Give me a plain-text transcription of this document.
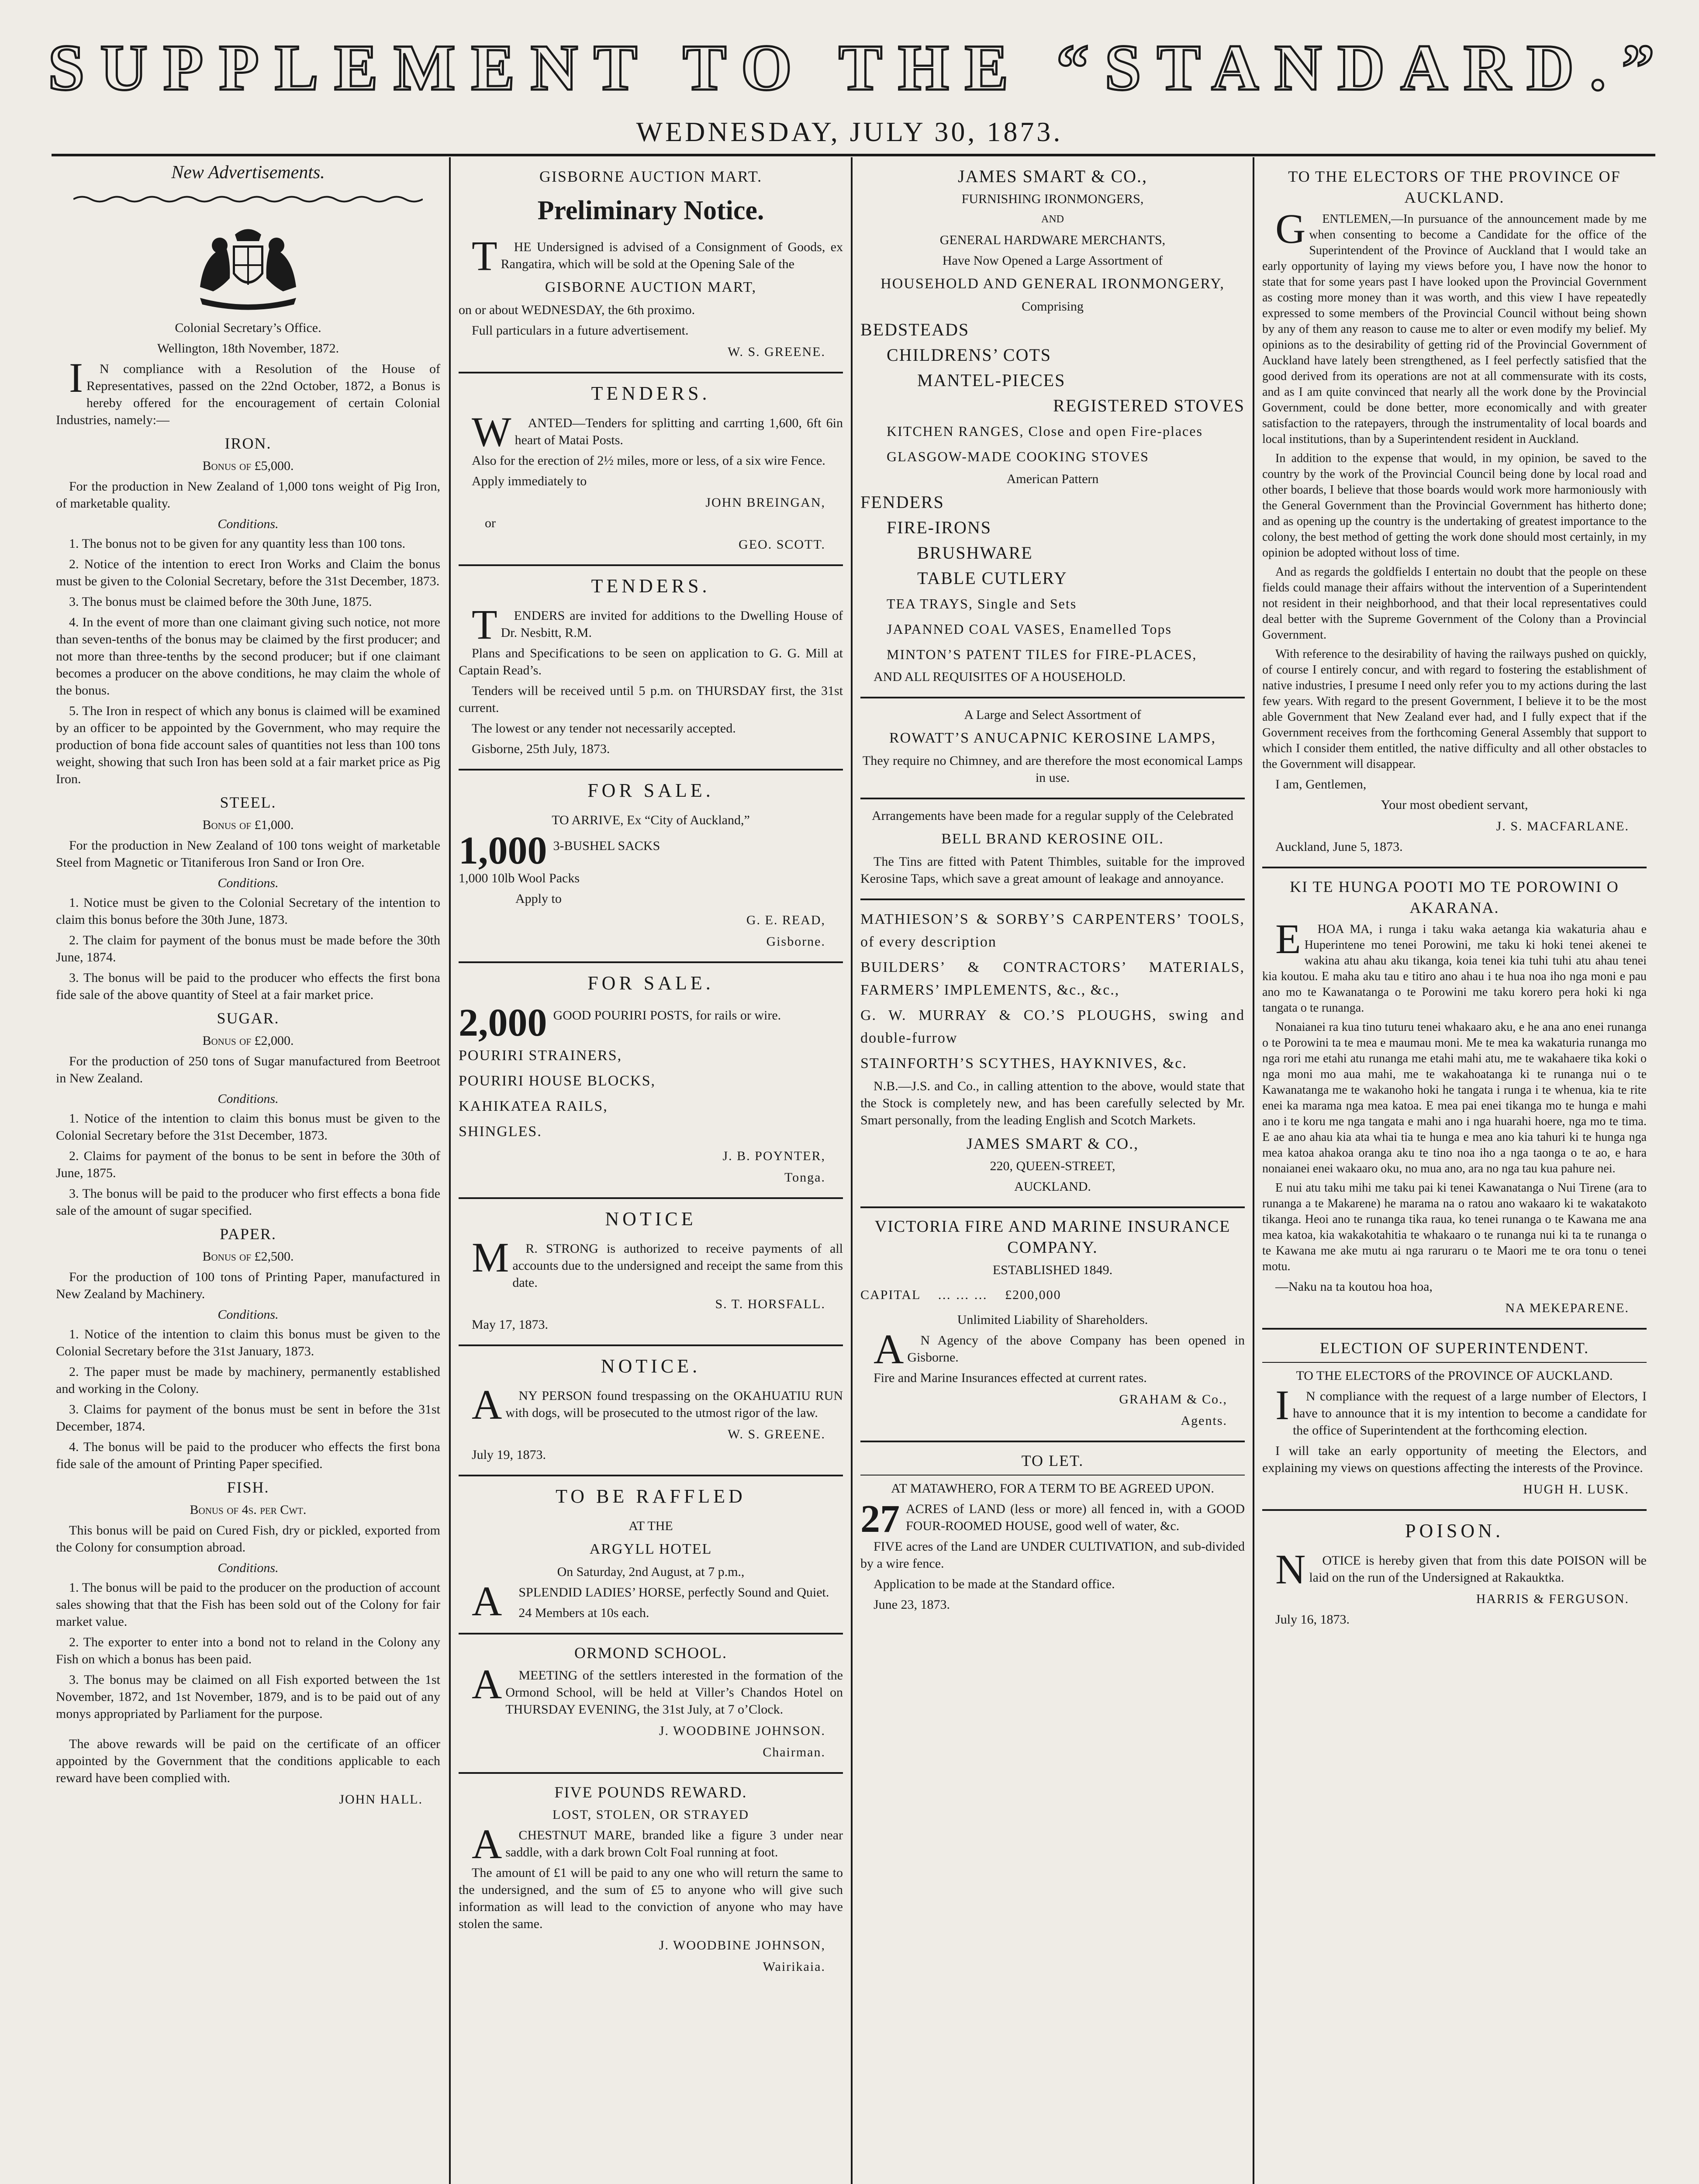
SUPPLEMENT TO THE “STANDARD.”
WEDNESDAY, JULY 30, 1873.
New Advertisements.

Colonial Secretary’s Office.

Wellington, 18th November, 1872.

IN compliance with a Resolution of the House of Representatives, passed on the 22nd October, 1872, a Bonus is hereby offered for the encouragement of certain Colonial Industries, namely:—

IRON.

Bonus of £5,000.

For the production in New Zealand of 1,000 tons weight of Pig Iron, of marketable quality.

Conditions.

1. The bonus not to be given for any quantity less than 100 tons.

2. Notice of the intention to erect Iron Works and Claim the bonus must be given to the Colonial Secretary, before the 31st December, 1873.

3. The bonus must be claimed before the 30th June, 1875.

4. In the event of more than one claimant giving such notice, not more than seven-tenths of the bonus may be claimed by the first producer; and not more than three-tenths by the second producer; but if one claimant becomes a producer on the above conditions, he may claim the whole of the bonus.

5. The Iron in respect of which any bonus is claimed will be examined by an officer to be appointed by the Government, who may require the production of bona fide account sales of quantities not less than 100 tons weight, showing that such Iron has been sold at a fair market price as Pig Iron.

STEEL.

Bonus of £1,000.

For the production in New Zealand of 100 tons weight of marketable Steel from Magnetic or Titaniferous Iron Sand or Iron Ore.

Conditions.

1. Notice must be given to the Colonial Secretary of the intention to claim this bonus before the 30th June, 1873.

2. The claim for payment of the bonus must be made before the 30th June, 1874.

3. The bonus will be paid to the producer who effects the first bona fide sale of the above quantity of Steel at a fair market price.

SUGAR.

Bonus of £2,000.

For the production of 250 tons of Sugar manufactured from Beetroot in New Zealand.

Conditions.

1. Notice of the intention to claim this bonus must be given to the Colonial Secretary before the 31st December, 1873.

2. Claims for payment of the bonus to be sent in before the 30th of June, 1875.

3. The bonus will be paid to the producer who first effects a bona fide sale of the amount of sugar specified.

PAPER.

Bonus of £2,500.

For the production of 100 tons of Printing Paper, manufactured in New Zealand by Machinery.

Conditions.

1. Notice of the intention to claim this bonus must be given to the Colonial Secretary before the 31st January, 1873.

2. The paper must be made by machinery, permanently established and working in the Colony.

3. Claims for payment of the bonus must be sent in before the 31st December, 1874.

4. The bonus will be paid to the producer who effects the first bona fide sale of the amount of Printing Paper specified.

FISH.

Bonus of 4s. per Cwt.

This bonus will be paid on Cured Fish, dry or pickled, exported from the Colony for consumption abroad.

Conditions.

1. The bonus will be paid to the producer on the production of account sales showing that that the Fish has been sold out of the Colony for fair market value.

2. The exporter to enter into a bond not to reland in the Colony any Fish on which a bonus has been paid.

3. The bonus may be claimed on all Fish exported between the 1st November, 1872, and 1st November, 1879, and is to be paid out of any monys appropriated by Parliament for the purpose.

The above rewards will be paid on the certificate of an officer appointed by the Government that the conditions applicable to each reward have been complied with.

JOHN HALL.

GISBORNE AUCTION MART.
Preliminary Notice.

THE Undersigned is advised of a Consignment of Goods, ex Rangatira, which will be sold at the Opening Sale of the

GISBORNE AUCTION MART,

on or about WEDNESDAY, the 6th proximo.

Full particulars in a future advertisement.

W. S. GREENE.

TENDERS.

WANTED—Tenders for splitting and carrting 1,600, 6ft 6in heart of Matai Posts.

Also for the erection of 2½ miles, more or less, of a six wire Fence.

Apply immediately to

JOHN BREINGAN,

or

GEO. SCOTT.

TENDERS.

TENDERS are invited for additions to the Dwelling House of Dr. Nesbitt, R.M.

Plans and Specifications to be seen on application to G. G. Mill at Captain Read’s.

Tenders will be received until 5 p.m. on THURSDAY first, the 31st current.

The lowest or any tender not necessarily accepted.

Gisborne, 25th July, 1873.

FOR SALE.

TO ARRIVE, Ex “City of Auckland,”

1,000 3-BUSHEL SACKS

1,000 10lb Wool Packs

Apply to

G. E. READ,

Gisborne.

FOR SALE.
2,000 GOOD POURIRI POSTS, for rails or wire.

POURIRI STRAINERS,

POURIRI HOUSE BLOCKS,

KAHIKATEA RAILS,

SHINGLES.

J. B. POYNTER,

Tonga.

NOTICE

MR. STRONG is authorized to receive payments of all accounts due to the undersigned and receipt the same from this date.

S. T. HORSFALL.

May 17, 1873.

NOTICE.

ANY PERSON found trespassing on the OKAHUATIU RUN with dogs, will be prosecuted to the utmost rigor of the law.

W. S. GREENE.

July 19, 1873.

TO BE RAFFLED

AT THE

ARGYLL HOTEL

On Saturday, 2nd August, at 7 p.m.,

ASPLENDID LADIES’ HORSE, perfectly Sound and Quiet.

24 Members at 10s each.

ORMOND SCHOOL.

AMEETING of the settlers interested in the formation of the Ormond School, will be held at Viller’s Chandos Hotel on THURSDAY EVENING, the 31st July, at 7 o’Clock.

J. WOODBINE JOHNSON.

Chairman.

FIVE POUNDS REWARD.

LOST, STOLEN, OR STRAYED

ACHESTNUT MARE, branded like a figure 3 under near saddle, with a dark brown Colt Foal running at foot.

The amount of £1 will be paid to any one who will return the same to the undersigned, and the sum of £5 to anyone who will give such information as will lead to the conviction of anyone who may have stolen the same.

J. WOODBINE JOHNSON,

Wairikaia.

JAMES SMART & CO.,

FURNISHING IRONMONGERS,

AND

GENERAL HARDWARE MERCHANTS,

Have Now Opened a Large Assortment of

HOUSEHOLD AND GENERAL IRONMONGERY,

Comprising

BEDSTEADS

CHILDRENS’ COTS

MANTEL-PIECES

REGISTERED STOVES

KITCHEN RANGES, Close and open Fire-places

GLASGOW-MADE COOKING STOVES

American Pattern

FENDERS

FIRE-IRONS

BRUSHWARE

TABLE CUTLERY

TEA TRAYS, Single and Sets

JAPANNED COAL VASES, Enamelled Tops

MINTON’S PATENT TILES for FIRE-PLACES,

AND ALL REQUISITES OF A HOUSEHOLD.

A Large and Select Assortment of

ROWATT’S ANUCAPNIC KEROSINE LAMPS,

They require no Chimney, and are therefore the most economical Lamps in use.

Arrangements have been made for a regular supply of the Celebrated

BELL BRAND KEROSINE OIL.

The Tins are fitted with Patent Thimbles, suitable for the improved Kerosine Taps, which save a great amount of leakage and annoyance.

MATHIESON’S & SORBY’S CARPENTERS’ TOOLS, of every description

BUILDERS’ & CONTRACTORS’ MATERIALS, FARMERS’ IMPLEMENTS, &c., &c.,

G. W. MURRAY & CO.’S PLOUGHS, swing and double-furrow

STAINFORTH’S SCYTHES, HAYKNIVES, &c.

N.B.—J.S. and Co., in calling attention to the above, would state that the Stock is completely new, and has been carefully selected by Mr. Smart personally, from the leading English and Scotch Markets.

JAMES SMART & CO.,

220, QUEEN-STREET,

AUCKLAND.

VICTORIA FIRE AND MARINE INSURANCE COMPANY.

ESTABLISHED 1849.

CAPITAL … … … £200,000

Unlimited Liability of Shareholders.

AN Agency of the above Company has been opened in Gisborne.

Fire and Marine Insurances effected at current rates.

GRAHAM & Co.,

Agents.

TO LET.

AT MATAWHERO, FOR A TERM TO BE AGREED UPON.

27 ACRES of LAND (less or more) all fenced in, with a GOOD FOUR-ROOMED HOUSE, good well of water, &c.

FIVE acres of the Land are UNDER CULTIVATION, and sub-divided by a wire fence.

Application to be made at the Standard office.

June 23, 1873.

TO THE ELECTORS OF THE PROVINCE OF AUCKLAND.

GENTLEMEN,—In pursuance of the announcement made by me when consenting to become a Candidate for the office of the Superintendent of the Province of Auckland that I would take an early opportunity of laying my views before you, I have now the honor to state that for some years past I have looked upon the Provincial Government as costing more money than it was worth, and this view I have repeatedly expressed to some members of the Provincial Council without being shown by any of them any reason to cause me to alter or even modify my belief. My opinions as to the desirability of getting rid of the Provincial Government of Auckland have lately been strengthened, as I feel perfectly satisfied that the good derived from its operations are not at all commensurate with its costs, and as I am quite convinced that nearly all the work done by the Provincial Government, could be done better, more economically and with greater satisfaction to the ratepayers, through the instrumentality of local boards and local institutions, than by a Superintendent resident in Auckland.

In addition to the expense that would, in my opinion, be saved to the country by the work of the Provincial Council being done by local road and other boards, I believe that those boards would work more harmoniously with the General Government than the Provincial Government has hitherto done; and as opening up the country is the undertaking of greatest importance to the colony, the best method of getting the work done should most certainly, in my opinion be adopted without loss of time.

And as regards the goldfields I entertain no doubt that the people on these fields could manage their affairs without the intervention of a Superintendent not resident in their neighborhood, and that their local representatives could deal better with the Supreme Government of the Colony than a Provincial Government.

With reference to the desirability of having the railways pushed on quickly, of course I entirely concur, and with regard to fostering the establishment of native industries, I presume I need only refer you to my actions during the last few years. With regard to the present Government, I believe it to be the most able Government that New Zealand ever had, and I fully expect that if the Government receives from the forthcoming General Assembly that support to which I consider them entitled, the native difficulty and all other obstacles to the Government will disappear.

I am, Gentlemen,

Your most obedient servant,

J. S. MACFARLANE.

Auckland, June 5, 1873.

KI TE HUNGA POOTI MO TE POROWINI O AKARANA.

EHOA MA, i runga i taku waka aetanga kia wakaturia ahau e Huperintene mo tenei Porowini, me taku ki hoki tenei akenei te wakina atu ahau aku tikanga, koia tenei kia tuhi tuhi atu ahau tenei kia koutou. E maha aku tau e titiro ano ahau i te hua noa iho nga moni e pau ano mo te Kawanatanga o te Porowini me taku korero pera hoki ki nga tangata o te runanga.

Nonaianei ra kua tino tuturu tenei whakaaro aku, e he ana ano enei runanga o te Porowini ta te mea e maumau moni. Me te mea ka wakaturia runanga mo nga rori me etahi atu runanga me etahi mahi atu, me te wakahaere tika koki o nga moni mo aua mahi, me te wakahoatanga ki te runanga nui o te Kawanatanga me te wakanoho hoki he tangata i runga i te whenua, kia te rite enei ka marama nga mea katoa. E mea pai enei tikanga mo te hunga e mahi ano i te koru me nga tangata e mahi ano i nga huarahi hoere, nga mo te tima. E ae ano ahau kia ata whai tia te hunga e mea ano kia tahuri ki te hunga nga mea katoa ahakoa oranga aku te tino noa iho a nga taonga o te ao, e hara nonaianei enei wakaaro oku, no mua ano, ara no nga tau kua pahure nei.

E nui atu taku mihi me taku pai ki tenei Kawanatanga o Nui Tirene (ara to runanga a te Makarene) he marama na o ratou ano wakaaro ki te wakatakoto tikanga. Heoi ano te runanga tika raua, ko tenei runanga o te Kawana me ana mea katoa, kia wakakotahitia te whakaaro o te runanga nui ki ta te runanga o te Kawana me ake mutu ai nga raruraru o te Maori me te ora tonu o tenei motu.

—Naku na ta koutou hoa hoa,

NA MEKEPARENE.

ELECTION OF SUPERINTENDENT.

TO THE ELECTORS of the PROVINCE OF AUCKLAND.

IN compliance with the request of a large number of Electors, I have to announce that it is my intention to become a candidate for the office of Superintendent at the forthcoming election.

I will take an early opportunity of meeting the Electors, and explaining my views on questions affecting the interests of the Province.

HUGH H. LUSK.

POISON.

NOTICE is hereby given that from this date POISON will be laid on the run of the Undersigned at Rakauktka.

HARRIS & FERGUSON.

July 16, 1873.
